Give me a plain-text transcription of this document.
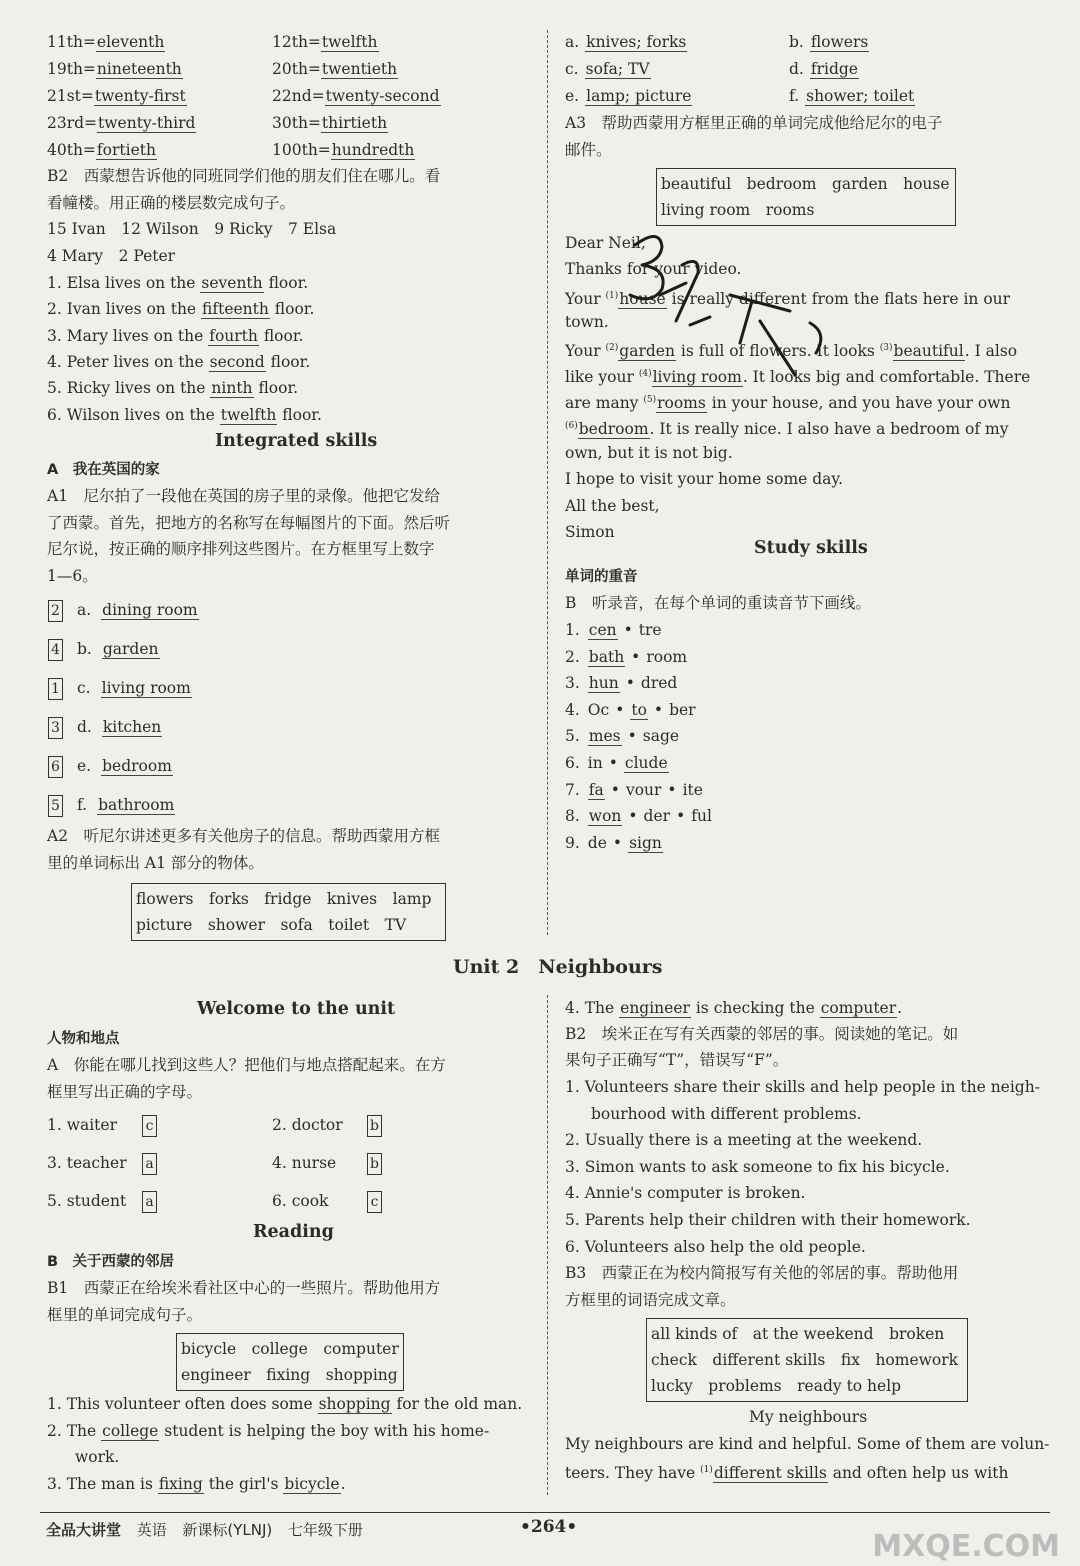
11th=eleventh	12th=twelfth
19th=nineteenth	20th=twentieth
21st=twenty-first	22nd=twenty-second
23rd=twenty-third	30th=thirtieth
40th=fortieth	100th=hundredth
B2　西蒙想告诉他的同班同学们他的朋友们住在哪儿。看
看幢楼。用正确的楼层数完成句子。
15 Ivan　12 Wilson　9 Ricky　7 Elsa
4 Mary　2 Peter
1. Elsa lives on the seventh floor.
2. Ivan lives on the fifteenth floor.
3. Mary lives on the fourth floor.
4. Peter lives on the second floor.
5. Ricky lives on the ninth floor.
6. Wilson lives on the twelfth floor.
Integrated skills
A　我在英国的家
A1　尼尔拍了一段他在英国的房子里的录像。他把它发给
了西蒙。首先，把地方的名称写在每幅图片的下面。然后听
尼尔说，按正确的顺序排列这些图片。在方框里写上数字
1—6。
2 a. dining room
4 b. garden
1 c. living room
3 d. kitchen
6 e. bedroom
5 f. bathroom
A2　听尼尔讲述更多有关他房子的信息。帮助西蒙用方框
里的单词标出 A1 部分的物体。
flowers　forks　fridge　knives　lamp
picture　shower　sofa　toilet　TV
a. knives; forks	b. flowers
c. sofa; TV	d. fridge
e. lamp; picture	f. shower; toilet
A3　帮助西蒙用方框里正确的单词完成他给尼尔的电子
邮件。
beautiful　bedroom　garden　house
living room　rooms
Dear Neil,
Thanks for your video.
Your $^{(1)}$house is really different from the flats here in our
town.
Your $^{(2)}$garden is full of flowers. It looks $^{(3)}$beautiful. I also
like your $^{(4)}$living room. It looks big and comfortable. There
are many $^{(5)}$rooms in your house, and you have your own
$^{(6)}$bedroom. It is really nice. I also have a bedroom of my
own, but it is not big.
I hope to visit your home some day.
All the best,
Simon
Study skills
单词的重音
B　听录音，在每个单词的重读音节下画线。
1. cen • tre
2. bath • room
3. hun • dred
4. Oc • to • ber
5. mes • sage
6. in • clude
7. fa • vour • ite
8. won • der • ful
9. de • sign
Unit 2　Neighbours
Welcome to the unit
人物和地点
A　你能在哪儿找到这些人？把他们与地点搭配起来。在方
框里写出正确的字母。
1. waiter c	2. doctor b
3. teacher a	4. nurse b
5. student a	6. cook	c
Reading
B　关于西蒙的邻居
B1　西蒙正在给埃米看社区中心的一些照片。帮助他用方
框里的单词完成句子。
bicycle　college　computer
engineer　fixing　shopping
1. This volunteer often does some shopping for the old man.
2. The college student is helping the boy with his home-
work.
3. The man is fixing the girl's bicycle.
4. The engineer is checking the computer.
B2　埃米正在写有关西蒙的邻居的事。阅读她的笔记。如
果句子正确写“T”，错误写“F”。
1. Volunteers share their skills and help people in the neigh-
bourhood with different problems.
2. Usually there is a meeting at the weekend.
3. Simon wants to ask someone to fix his bicycle.
4. Annie's computer is broken.
5. Parents help their children with their homework.
6. Volunteers also help the old people.
B3　西蒙正在为校内简报写有关他的邻居的事。帮助他用
方框里的词语完成文章。
all kinds of　at the weekend　broken
check　different skills　fix　homework
lucky　problems　ready to help
My neighbours
My neighbours are kind and helpful. Some of them are volun-
teers. They have $^{(1)}$different skills and often help us with
全品大讲堂 英语 新课标(YLNJ) 七年级下册	•264•
MXQE.COM
